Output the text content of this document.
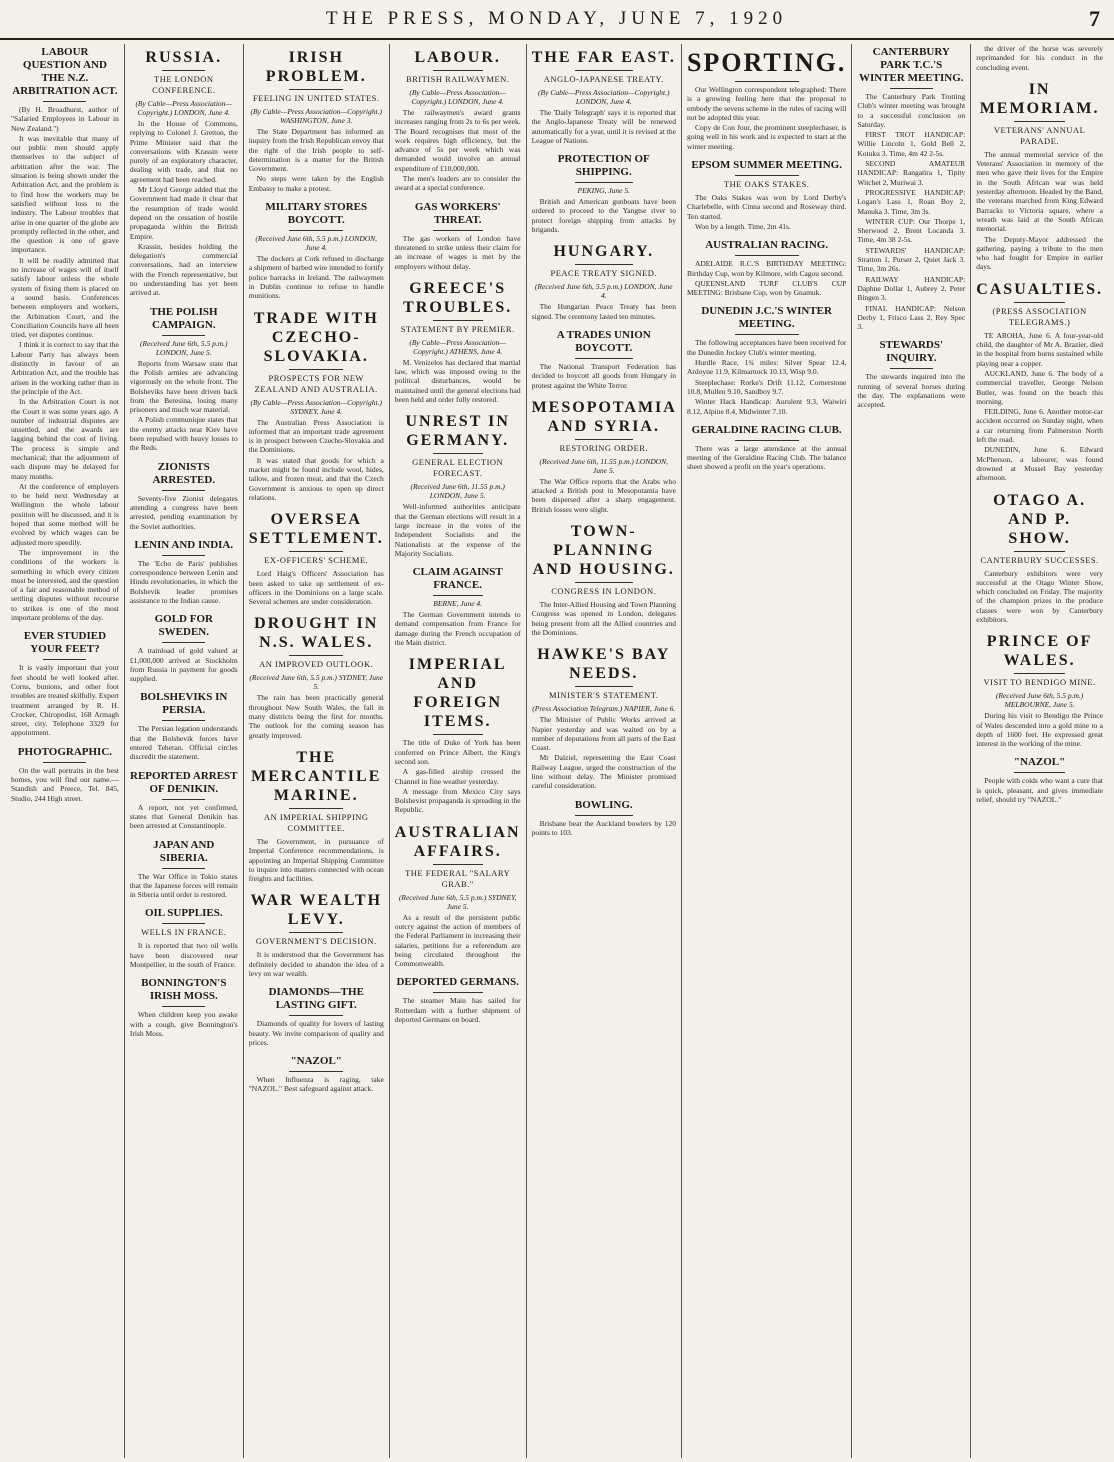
THE PRESS, MONDAY, JUNE 7, 1920	7
LABOUR QUESTION AND THE N.Z. ARBITRATION ACT.

(By H. Broadhurst, author of "Salaried Employees in Labour in New Zealand.")

It was inevitable that many of our public men should apply themselves to the subject of arbitration after the war. The situation is being shown under the Arbitration Act, and the problem is to find how the workers may be satisfied without loss to the industry. The Labour troubles that arise in one quarter of the globe are promptly reflected in the other, and the question is one of grave importance.

It will be readily admitted that no increase of wages will of itself satisfy labour unless the whole system of fixing them is placed on a sound basis. Conferences between employers and workers, the Arbitration Court, and the Conciliation Councils have all been tried, yet disputes continue.

I think it is correct to say that the Labour Party has always been distinctly in favour of an Arbitration Act, and the trouble has arisen in the working rather than in the principle of the Act.

In the Arbitration Court is not the Court it was some years ago. A number of industrial disputes are unsettled, and the awards are lagging behind the cost of living. The process is simple and mechanical; that the adjustment of each dispute may be delayed for many months.

At the conference of employers to be held next Wednesday at Wellington the whole labour position will be discussed, and it is hoped that some method will be evolved by which wages can be adjusted more speedily.

The improvement in the conditions of the workers is something in which every citizen must be interested, and the question of a fair and reasonable method of settling disputes without recourse to strikes is one of the most important problems of the day.

EVER STUDIED YOUR FEET?

It is vastly important that your feet should be well looked after. Corns, bunions, and other foot troubles are treated skilfully. Expert treatment arranged by R. H. Crocker, Chiropodist, 168 Armagh street, city. Telephone 3329 for appointment.

PHOTOGRAPHIC.

On the wall portraits in the best homes, you will find our name.—Standish and Preece, Tel. 845, Studio, 244 High street.

RUSSIA.
THE LONDON CONFERENCE.
(By Cable—Press Association—Copyright.) LONDON, June 4.

In the House of Commons, replying to Colonel J. Gretton, the Prime Minister said that the conversations with Krassin were purely of an exploratory character, dealing with trade, and that no agreement had been reached.

Mr Lloyd George added that the Government had made it clear that the resumption of trade would depend on the cessation of hostile propaganda within the British Empire.

Krassin, besides holding the delegation's commercial conversations, had an interview with the French representative, but no understanding has yet been arrived at.

THE POLISH CAMPAIGN.
(Received June 6th, 5.5 p.m.) LONDON, June 5.

Reports from Warsaw state that the Polish armies are advancing vigorously on the whole front. The Bolsheviks have been driven back from the Beresina, losing many prisoners and much war material.

A Polish communique states that the enemy attacks near Kiev have been repulsed with heavy losses to the Reds.

ZIONISTS ARRESTED.

Seventy-five Zionist delegates attending a congress have been arrested, pending examination by the Soviet authorities.

LENIN AND INDIA.

The 'Echo de Paris' publishes correspondence between Lenin and Hindu revolutionaries, in which the Bolshevik leader promises assistance to the Indian cause.

GOLD FOR SWEDEN.

A trainload of gold valued at £1,000,000 arrived at Stockholm from Russia in payment for goods supplied.

BOLSHEVIKS IN PERSIA.

The Persian legation understands that the Bolshevik forces have entered Teheran. Official circles discredit the statement.

REPORTED ARREST OF DENIKIN.

A report, not yet confirmed, states that General Denikin has been arrested at Constantinople.

JAPAN AND SIBERIA.

The War Office in Tokio states that the Japanese forces will remain in Siberia until order is restored.

OIL SUPPLIES.
WELLS IN FRANCE.

It is reported that two oil wells have been discovered near Montpellier, in the south of France.

BONNINGTON'S IRISH MOSS.

When children keep you awake with a cough, give Bonnington's Irish Moss.

IRISH PROBLEM.
FEELING IN UNITED STATES.
(By Cable—Press Association—Copyright.) WASHINGTON, June 3.

The State Department has informed an inquiry from the Irish Republican envoy that the right of the Irish people to self-determination is a matter for the British Government.

No steps were taken by the English Embassy to make a protest.

MILITARY STORES BOYCOTT.
(Received June 6th, 5.5 p.m.) LONDON, June 4.

The dockers at Cork refused to discharge a shipment of barbed wire intended to fortify police barracks in Ireland. The railwaymen in Dublin continue to refuse to handle munitions.

TRADE WITH CZECHO-SLOVAKIA.
PROSPECTS FOR NEW ZEALAND AND AUSTRALIA.
(By Cable—Press Association—Copyright.) SYDNEY, June 4.

The Australian Press Association is informed that an important trade agreement is in prospect between Czecho-Slovakia and the Dominions.

It was stated that goods for which a market might be found include wool, hides, tallow, and frozen meat, and that the Czech Government is anxious to open up direct relations.

OVERSEA SETTLEMENT.
EX-OFFICERS' SCHEME.

Lord Haig's Officers' Association has been asked to take up settlement of ex-officers in the Dominions on a large scale. Several schemes are under consideration.

DROUGHT IN N.S. WALES.
AN IMPROVED OUTLOOK.
(Received June 6th, 5.5 p.m.) SYDNEY, June 5.

The rain has been practically general throughout New South Wales, the fall in many districts being the first for months. The outlook for the coming season has greatly improved.

THE MERCANTILE MARINE.
AN IMPERIAL SHIPPING COMMITTEE.

The Government, in pursuance of Imperial Conference recommendations, is appointing an Imperial Shipping Committee to inquire into matters connected with ocean freights and facilities.

WAR WEALTH LEVY.
GOVERNMENT'S DECISION.

It is understood that the Government has definitely decided to abandon the idea of a levy on war wealth.

DIAMONDS—THE LASTING GIFT.

Diamonds of quality for lovers of lasting beauty. We invite comparison of quality and prices.

"NAZOL"

When Influenza is raging, take "NAZOL." Best safeguard against attack.

LABOUR.
BRITISH RAILWAYMEN.
(By Cable—Press Association—Copyright.) LONDON, June 4.

The railwaymen's award grants increases ranging from 2s to 6s per week. The Board recognises that most of the work requires high efficiency, but the advance of 5s per week which was demanded would involve an annual expenditure of £10,000,000.

The men's leaders are to consider the award at a special conference.

GAS WORKERS' THREAT.

The gas workers of London have threatened to strike unless their claim for an increase of wages is met by the employers without delay.

GREECE'S TROUBLES.
STATEMENT BY PREMIER.
(By Cable—Press Association—Copyright.) ATHENS, June 4.

M. Venizelos has declared that martial law, which was imposed owing to the political disturbances, would be maintained until the general elections had been held and order fully restored.

UNREST IN GERMANY.
GENERAL ELECTION FORECAST.
(Received June 6th, 11.55 p.m.) LONDON, June 5.

Well-informed authorities anticipate that the German elections will result in a large increase in the votes of the Independent Socialists and the Nationalists at the expense of the Majority Socialists.

CLAIM AGAINST FRANCE.
BERNE, June 4.

The German Government intends to demand compensation from France for damage during the French occupation of the Main district.

IMPERIAL AND FOREIGN ITEMS.

The title of Duke of York has been conferred on Prince Albert, the King's second son.

A gas-filled airship crossed the Channel in fine weather yesterday.

A message from Mexico City says Bolshevist propaganda is spreading in the Republic.

AUSTRALIAN AFFAIRS.
THE FEDERAL "SALARY GRAB."
(Received June 6th, 5.5 p.m.) SYDNEY, June 5.

As a result of the persistent public outcry against the action of members of the Federal Parliament in increasing their salaries, petitions for a referendum are being circulated throughout the Commonwealth.

DEPORTED GERMANS.

The steamer Main has sailed for Rotterdam with a further shipment of deported Germans on board.

THE FAR EAST.
ANGLO-JAPANESE TREATY.
(By Cable—Press Association—Copyright.) LONDON, June 4.

The 'Daily Telegraph' says it is reported that the Anglo-Japanese Treaty will be renewed automatically for a year, until it is revised at the League of Nations.

PROTECTION OF SHIPPING.
PEKING, June 5.

British and American gunboats have been ordered to proceed to the Yangtse river to protect foreign shipping from attacks by brigands.

HUNGARY.
PEACE TREATY SIGNED.
(Received June 6th, 5.5 p.m.) LONDON, June 4.

The Hungarian Peace Treaty has been signed. The ceremony lasted ten minutes.

A TRADES UNION BOYCOTT.

The National Transport Federation has decided to boycott all goods from Hungary in protest against the White Terror.

MESOPOTAMIA AND SYRIA.
RESTORING ORDER.
(Received June 6th, 11.55 p.m.) LONDON, June 5.

The War Office reports that the Arabs who attacked a British post in Mesopotamia have been dispersed after a sharp engagement. British losses were slight.

TOWN-PLANNING AND HOUSING.
CONGRESS IN LONDON.

The Inter-Allied Housing and Town Planning Congress was opened in London, delegates being present from all the Allied countries and the Dominions.

HAWKE'S BAY NEEDS.
MINISTER'S STATEMENT.
(Press Association Telegram.) NAPIER, June 6.

The Minister of Public Works arrived at Napier yesterday and was waited on by a number of deputations from all parts of the East Coast.

Mr Dalziel, representing the East Coast Railway League, urged the construction of the line without delay. The Minister promised careful consideration.

BOWLING.

Brisbane beat the Auckland bowlers by 120 points to 103.

SPORTING.

Our Wellington correspondent telegraphed: There is a growing feeling here that the proposal to embody the sevens scheme in the rules of racing will not be adopted this year.

Copy de Con Jour, the prominent steeplechaser, is going well in his work and is expected to start at the winter meeting.

EPSOM SUMMER MEETING.
THE OAKS STAKES.

The Oaks Stakes was won by Lord Derby's Charlebelle, with Cinna second and Roseway third. Ten started.

Won by a length. Time, 2m 41s.

AUSTRALIAN RACING.

ADELAIDE R.C.'S BIRTHDAY MEETING: Birthday Cup, won by Kilmore, with Cagou second.

QUEENSLAND TURF CLUB'S CUP MEETING: Brisbane Cup, won by Gnamuk.

DUNEDIN J.C.'S WINTER MEETING.

The following acceptances have been received for the Dunedin Jockey Club's winter meeting.

Hurdle Race, 1¾ miles: Silver Spear 12.4, Ardoyne 11.9, Kilmarnock 10.13, Wisp 9.0.

Steeplechase: Rorke's Drift 11.12, Cornerstone 10.8, Mullen 9.10, Sandboy 9.7.

Winter Hack Handicap: Aurulent 9.3, Waiwiri 8.12, Alpine 8.4, Midwinter 7.10.

GERALDINE RACING CLUB.

There was a large attendance at the annual meeting of the Geraldine Racing Club. The balance sheet showed a profit on the year's operations.

CANTERBURY PARK T.C.'S WINTER MEETING.

The Canterbury Park Trotting Club's winter meeting was brought to a successful conclusion on Saturday.

FIRST TROT HANDICAP: Willie Lincoln 1, Gold Bell 2, Kotuku 3. Time, 4m 42 2-5s.

SECOND AMATEUR HANDICAP: Rangatira 1, Tipity Witchet 2, Muriwai 3.

PROGRESSIVE HANDICAP: Logan's Lass 1, Roan Boy 2, Manuka 3. Time, 3m 3s.

WINTER CUP: Our Thorpe 1, Sherwood 2, Brent Locanda 3. Time, 4m 38 2-5s.

STEWARDS' HANDICAP: Stratton 1, Purser 2, Quiet Jack 3. Time, 3m 26s.

RAILWAY HANDICAP: Daphne Dollar 1, Aubrey 2, Peter Bingen 3.

FINAL HANDICAP: Nelson Derby 1, Frisco Lass 2, Rey Spec 3.

STEWARDS' INQUIRY.

The stewards inquired into the running of several horses during the day. The explanations were accepted.

the driver of the horse was severely reprimanded for his conduct in the concluding event.

IN MEMORIAM.
VETERANS' ANNUAL PARADE.

The annual memorial service of the Veterans' Association in memory of the men who gave their lives for the Empire in the South African war was held yesterday afternoon. Headed by the Band, the veterans marched from King Edward Barracks to Victoria square, where a wreath was laid at the South African memorial.

The Deputy-Mayor addressed the gathering, paying a tribute to the men who had fought for Empire in earlier days.

CASUALTIES.
(PRESS ASSOCIATION TELEGRAMS.)

TE AROHA, June 6. A four-year-old child, the daughter of Mr A. Brazier, died in the hospital from burns sustained while playing near a copper.

AUCKLAND, June 6. The body of a commercial traveller, George Nelson Butler, was found on the beach this morning.

FEILDING, June 6. Another motor-car accident occurred on Sunday night, when a car returning from Palmerston North left the road.

DUNEDIN, June 6. Edward McPherson, a labourer, was found drowned at Mussel Bay yesterday afternoon.

OTAGO A. AND P. SHOW.
CANTERBURY SUCCESSES.

Canterbury exhibitors were very successful at the Otago Winter Show, which concluded on Friday. The majority of the champion prizes in the produce classes were won by Canterbury exhibitors.

PRINCE OF WALES.
VISIT TO BENDIGO MINE.
(Received June 6th, 5.5 p.m.) MELBOURNE, June 5.

During his visit to Bendigo the Prince of Wales descended into a gold mine to a depth of 1600 feet. He expressed great interest in the working of the mine.

"NAZOL"

People with colds who want a cure that is quick, pleasant, and gives immediate relief, should try "NAZOL."
